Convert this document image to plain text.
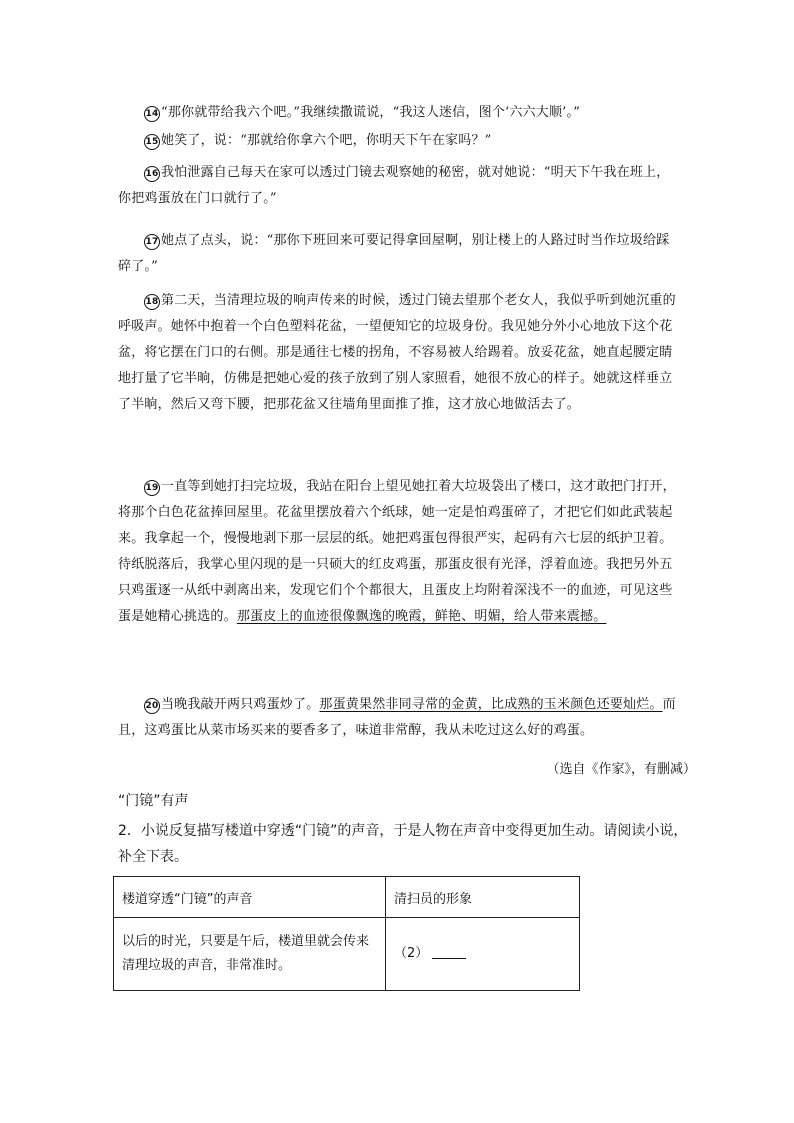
14 “那你就带给我六个吧。”我继续撒谎说，“我这人迷信，图个‘六六大顺’。”

15 她笑了，说：“那就给你拿六个吧，你明天下午在家吗？”

16 我怕泄露自己每天在家可以透过门镜去观察她的秘密，就对她说：“明天下午我在班上，你把鸡蛋放在门口就行了。”

17 她点了点头，说：“那你下班回来可要记得拿回屋啊，别让楼上的人路过时当作垃圾给踩碎了。”

18 第二天，当清理垃圾的响声传来的时候，透过门镜去望那个老女人，我似乎听到她沉重的呼吸声。她怀中抱着一个白色塑料花盆，一望便知它的垃圾身份。我见她分外小心地放下这个花盆，将它摆在门口的右侧。那是通往七楼的拐角，不容易被人给踢着。放妥花盆，她直起腰定睛地打量了它半晌，仿佛是把她心爱的孩子放到了别人家照看，她很不放心的样子。她就这样垂立了半晌，然后又弯下腰，把那花盆又往墙角里面推了推，这才放心地做活去了。

19 一直等到她打扫完垃圾，我站在阳台上望见她扛着大垃圾袋出了楼口，这才敢把门打开，将那个白色花盆捧回屋里。花盆里摆放着六个纸球，她一定是怕鸡蛋碎了，才把它们如此武装起来。我拿起一个，慢慢地剥下那一层层的纸。她把鸡蛋包得很严实，起码有六七层的纸护卫着。待纸脱落后，我掌心里闪现的是一只硕大的红皮鸡蛋，那蛋皮很有光泽，浮着血迹。我把另外五只鸡蛋逐一从纸中剥离出来，发现它们个个都很大，且蛋皮上均附着深浅不一的血迹，可见这些蛋是她精心挑选的。那蛋皮上的血迹很像飘逸的晚霞，鲜艳、明媚，给人带来震撼。

20 当晚我敲开两只鸡蛋炒了。那蛋黄果然非同寻常的金黄，比成熟的玉米颜色还要灿烂。而且，这鸡蛋比从菜市场买来的要香多了，味道非常醇，我从未吃过这么好的鸡蛋。

（选自《作家》，有删减）
“门镜”有声

2．小说反复描写楼道中穿透“门镜”的声音，于是人物在声音中变得更加生动。请阅读小说，补全下表。

楼道穿透“门镜”的声音	清扫员的形象
以后的时光，只要是午后，楼道里就会传来清理垃圾的声音，非常准时。	（2）
